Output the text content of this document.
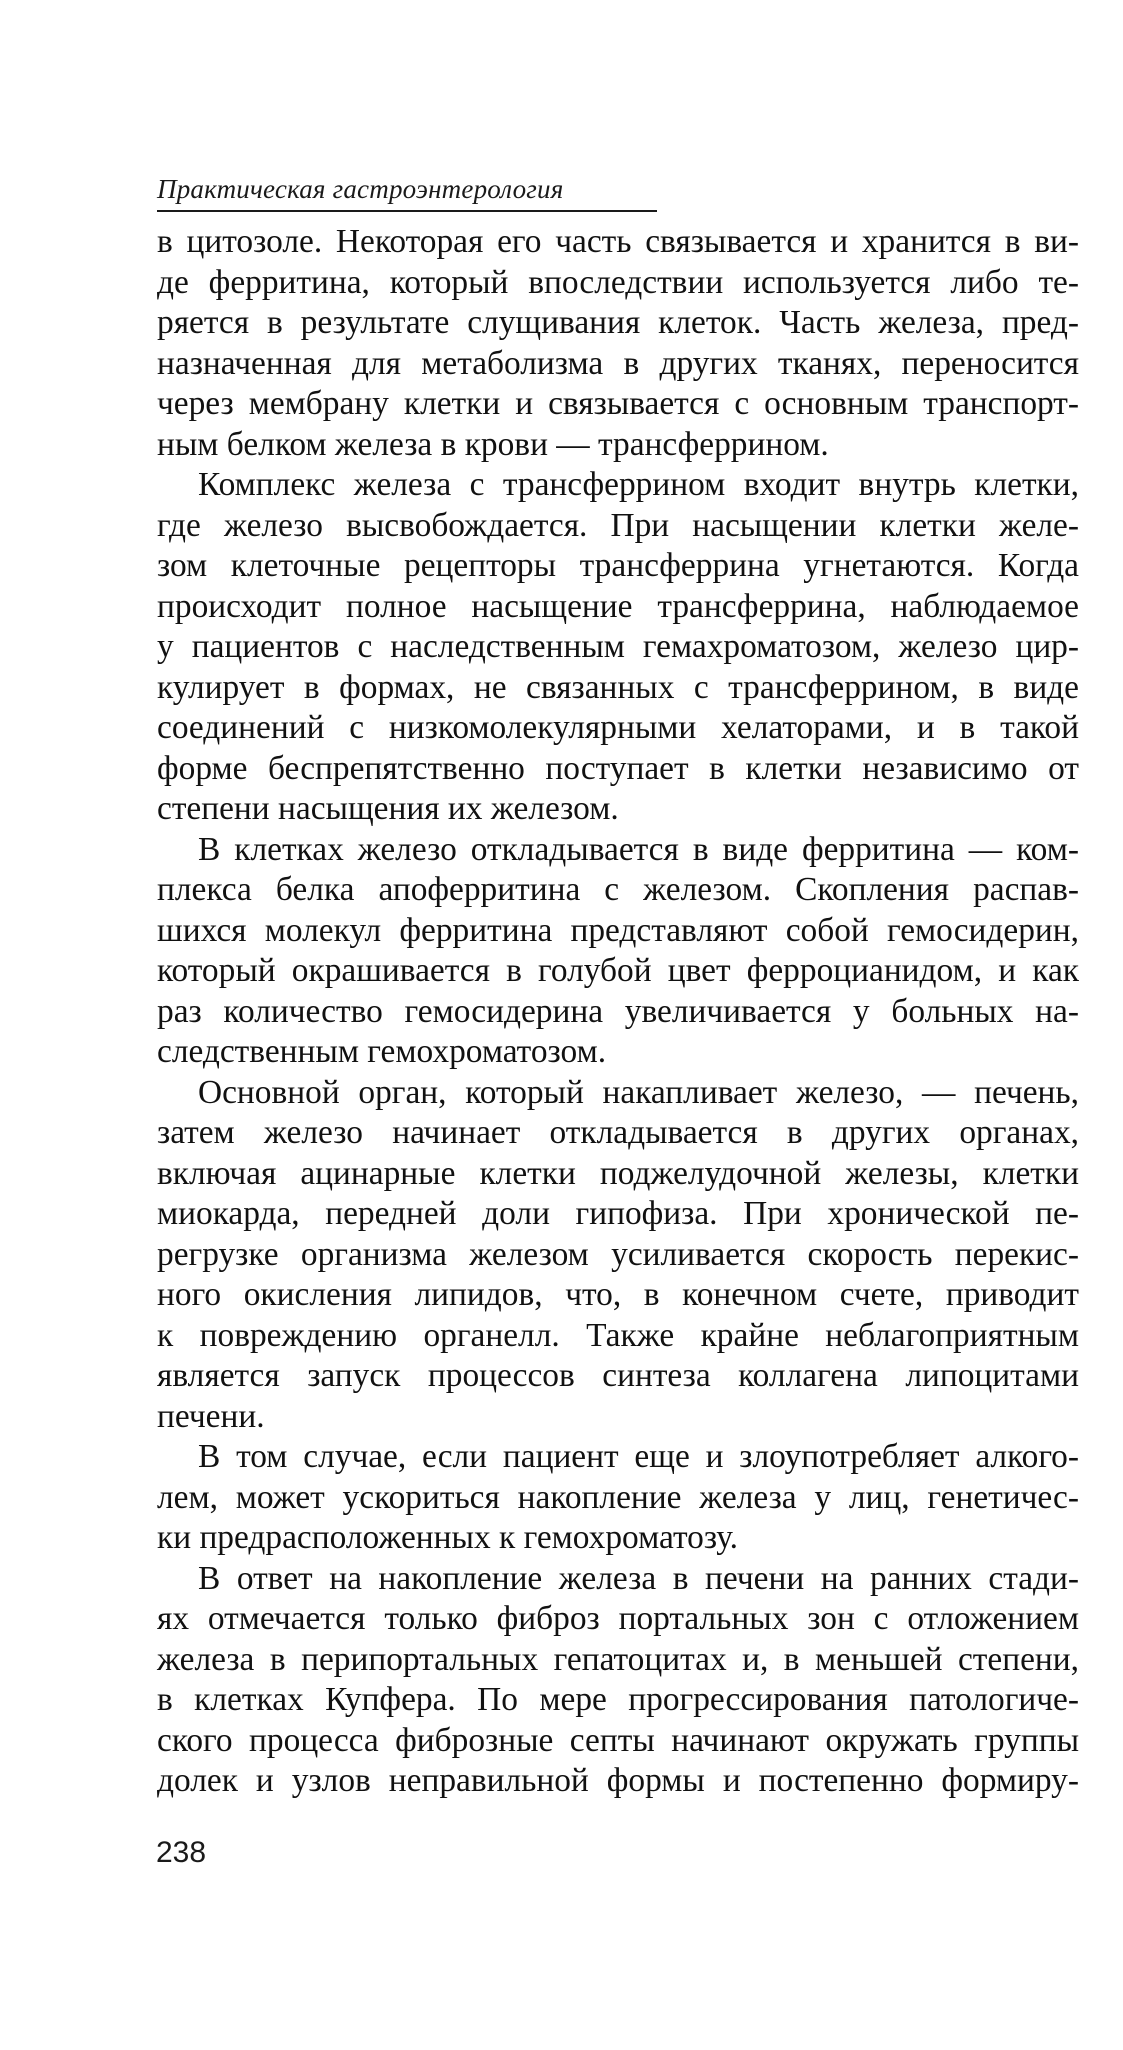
Практическая гастроэнтерология

в цитозоле. Некоторая его часть связывается и хранится в ви-
де ферритина, который впоследствии используется либо те-
ряется в результате слущивания клеток. Часть железа, пред-
назначенная для метаболизма в других тканях, переносится
через мембрану клетки и связывается с основным транспорт-
ным белком железа в крови — трансферрином.

Комплекс железа с трансферрином входит внутрь клетки,
где железо высвобождается. При насыщении клетки желе-
зом клеточные рецепторы трансферрина угнетаются. Когда
происходит полное насыщение трансферрина, наблюдаемое
у пациентов с наследственным гемахроматозом, железо цир-
кулирует в формах, не связанных с трансферрином, в виде
соединений с низкомолекулярными хелаторами, и в такой
форме беспрепятственно поступает в клетки независимо от
степени насыщения их железом.

В клетках железо откладывается в виде ферритина — ком-
плекса белка апоферритина с железом. Скопления распав-
шихся молекул ферритина представляют собой гемосидерин,
который окрашивается в голубой цвет ферроцианидом, и как
раз количество гемосидерина увеличивается у больных на-
следственным гемохроматозом.

Основной орган, который накапливает железо, — печень,
затем железо начинает откладывается в других органах,
включая ацинарные клетки поджелудочной железы, клетки
миокарда, передней доли гипофиза. При хронической пе-
регрузке организма железом усиливается скорость перекис-
ного окисления липидов, что, в конечном счете, приводит
к повреждению органелл. Также крайне неблагоприятным
является запуск процессов синтеза коллагена липоцитами
печени.

В том случае, если пациент еще и злоупотребляет алкого-
лем, может ускориться накопление железа у лиц, генетичес-
ки предрасположенных к гемохроматозу.

В ответ на накопление железа в печени на ранних стади-
ях отмечается только фиброз портальных зон с отложением
железа в перипортальных гепатоцитах и, в меньшей степени,
в клетках Купфера. По мере прогрессирования патологиче-
ского процесса фиброзные септы начинают окружать группы
долек и узлов неправильной формы и постепенно формиру-

238
